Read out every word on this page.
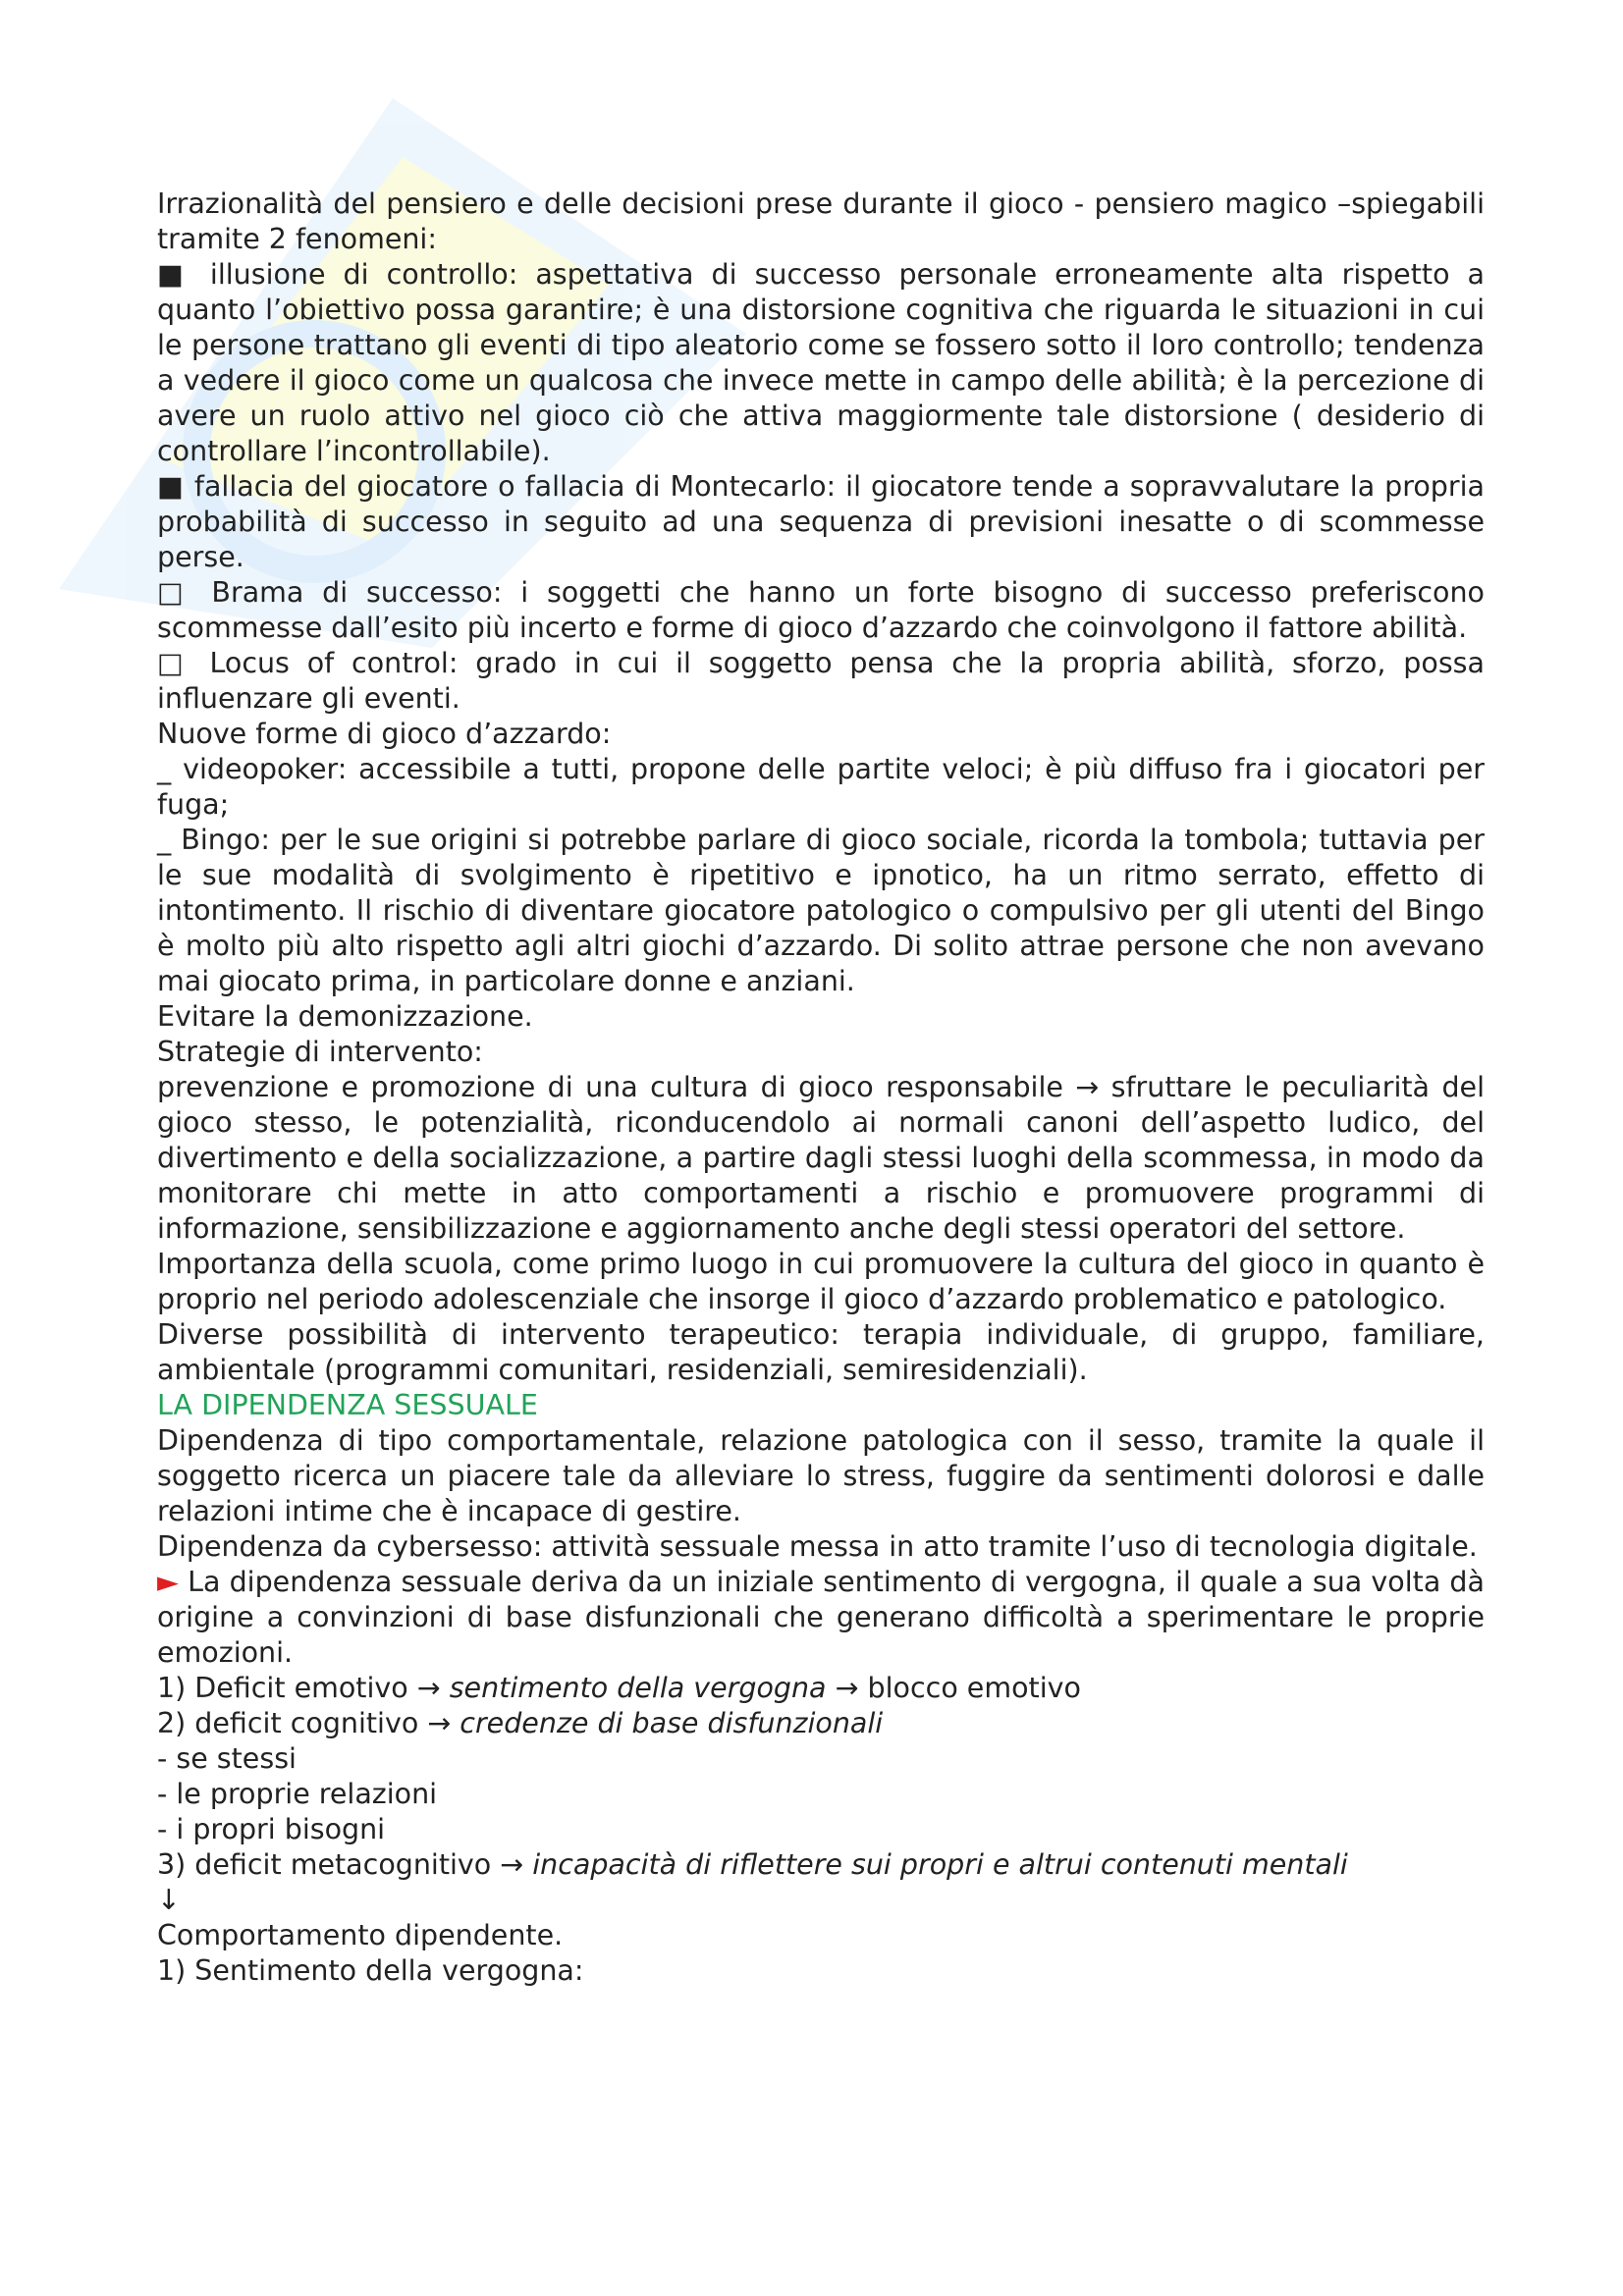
Irrazionalità del pensiero e delle decisioni prese durante il gioco - pensiero magico –spiegabili tramite 2 fenomeni:

■ illusione di controllo: aspettativa di successo personale erroneamente alta rispetto a quanto l’obiettivo possa garantire; è una distorsione cognitiva che riguarda le situazioni in cui le persone trattano gli eventi di tipo aleatorio come se fossero sotto il loro controllo; tendenza a vedere il gioco come un qualcosa che invece mette in campo delle abilità; è la percezione di avere un ruolo attivo nel gioco ciò che attiva maggiormente tale distorsione ( desiderio di controllare l’incontrollabile).

■ fallacia del giocatore o fallacia di Montecarlo: il giocatore tende a sopravvalutare la propria probabilità di successo in seguito ad una sequenza di previsioni inesatte o di scommesse perse.

□ Brama di successo: i soggetti che hanno un forte bisogno di successo preferiscono scommesse dall’esito più incerto e forme di gioco d’azzardo che coinvolgono il fattore abilità.

□ Locus of control: grado in cui il soggetto pensa che la propria abilità, sforzo, possa influenzare gli eventi.

Nuove forme di gioco d’azzardo:

_ videopoker: accessibile a tutti, propone delle partite veloci; è più diffuso fra i giocatori per fuga;

_ Bingo: per le sue origini si potrebbe parlare di gioco sociale, ricorda la tombola; tuttavia per le sue modalità di svolgimento è ripetitivo e ipnotico, ha un ritmo serrato, effetto di intontimento. Il rischio di diventare giocatore patologico o compulsivo per gli utenti del Bingo è molto più alto rispetto agli altri giochi d’azzardo. Di solito attrae persone che non avevano mai giocato prima, in particolare donne e anziani.

Evitare la demonizzazione.

Strategie di intervento:

prevenzione e promozione di una cultura di gioco responsabile → sfruttare le peculiarità del gioco stesso, le potenzialità, riconducendolo ai normali canoni dell’aspetto ludico, del divertimento e della socializzazione, a partire dagli stessi luoghi della scommessa, in modo da monitorare chi mette in atto comportamenti a rischio e promuovere programmi di informazione, sensibilizzazione e aggiornamento anche degli stessi operatori del settore.

Importanza della scuola, come primo luogo in cui promuovere la cultura del gioco in quanto è proprio nel periodo adolescenziale che insorge il gioco d’azzardo problematico e patologico.

Diverse possibilità di intervento terapeutico: terapia individuale, di gruppo, familiare, ambientale (programmi comunitari, residenziali, semiresidenziali).

LA DIPENDENZA SESSUALE

Dipendenza di tipo comportamentale, relazione patologica con il sesso, tramite la quale il soggetto ricerca un piacere tale da alleviare lo stress, fuggire da sentimenti dolorosi e dalle relazioni intime che è incapace di gestire.

Dipendenza da cybersesso: attività sessuale messa in atto tramite l’uso di tecnologia digitale.

► La dipendenza sessuale deriva da un iniziale sentimento di vergogna, il quale a sua volta dà origine a convinzioni di base disfunzionali che generano difficoltà a sperimentare le proprie emozioni.

1) Deficit emotivo → sentimento della vergogna → blocco emotivo

2) deficit cognitivo → credenze di base disfunzionali

- se stessi

- le proprie relazioni

- i propri bisogni

3) deficit metacognitivo → incapacità di riflettere sui propri e altrui contenuti mentali

↓

Comportamento dipendente.

1) Sentimento della vergogna:
